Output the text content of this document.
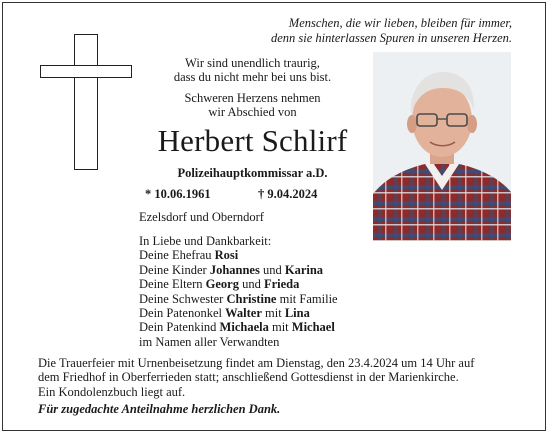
Menschen, die wir lieben, bleiben für immer,
denn sie hinterlassen Spuren in unseren Herzen.

Wir sind unendlich traurig,

dass du nicht mehr bei uns bist.

Schweren Herzens nehmen

wir Abschied von

Herbert Schlirf
Polizeihauptkommissar a.D.
* 10.06.1961	† 9.04.2024
Ezelsdorf und Oberndorf
In Liebe und Dankbarkeit:
Deine Ehefrau Rosi
Deine Kinder Johannes und Karina
Deine Eltern Georg und Frieda
Deine Schwester Christine mit Familie
Dein Patenonkel Walter mit Lina
Dein Patenkind Michaela mit Michael
im Namen aller Verwandten
Die Trauerfeier mit Urnenbeisetzung findet am Dienstag, den 23.4.2024 um 14 Uhr auf
dem Friedhof in Oberferrieden statt; anschließend Gottesdienst in der Marienkirche.
Ein Kondolenzbuch liegt auf.
Für zugedachte Anteilnahme herzlichen Dank.
